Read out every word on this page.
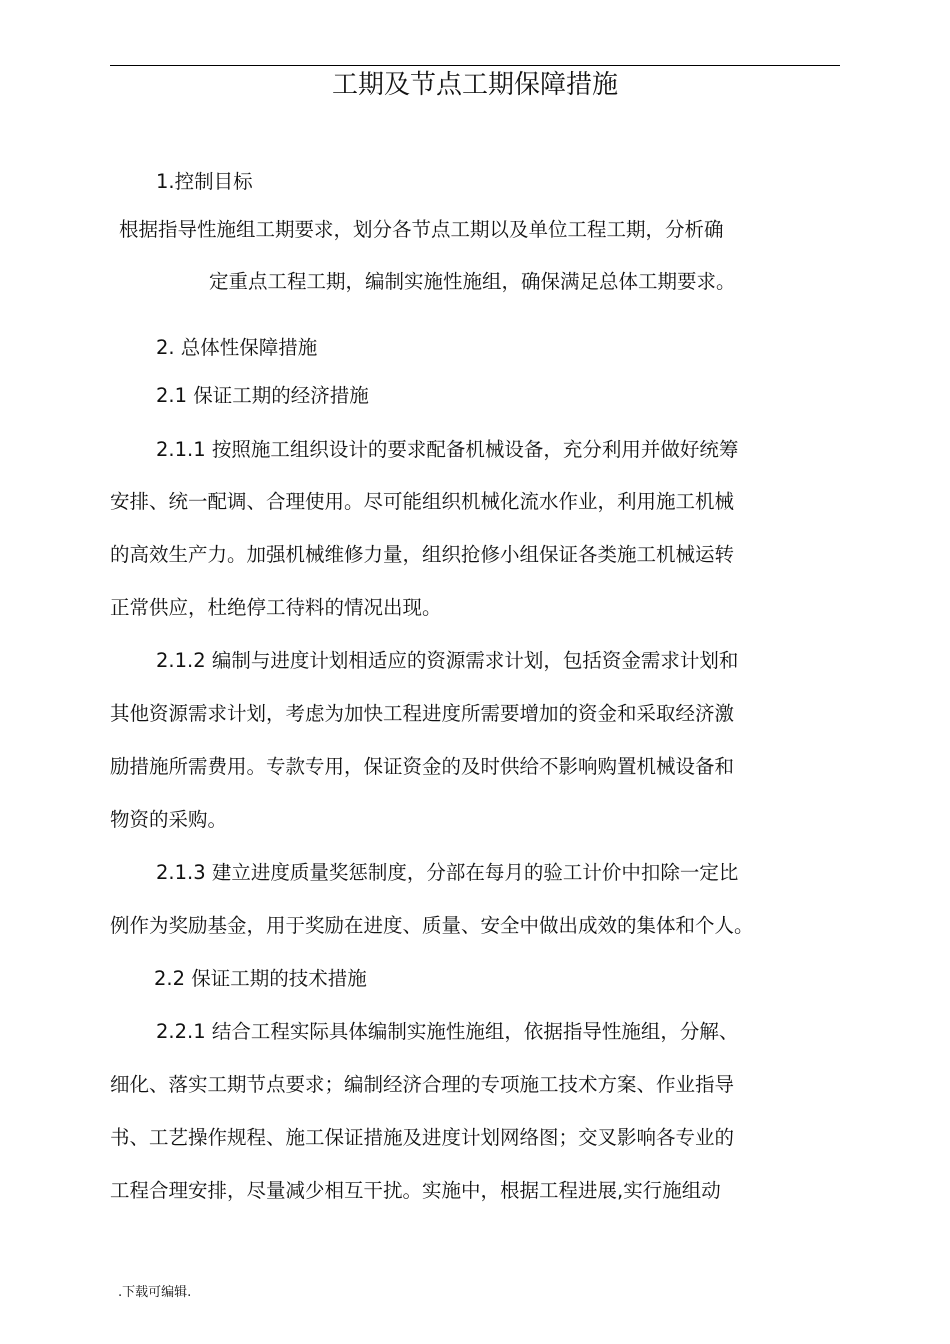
工期及节点工期保障措施
1.控制目标
根据指导性施组工期要求，划分各节点工期以及单位工程工期，分析确
定重点工程工期，编制实施性施组，确保满足总体工期要求。
2. 总体性保障措施
2.1 保证工期的经济措施
2.1.1 按照施工组织设计的要求配备机械设备，充分利用并做好统筹
安排、统一配调、合理使用。尽可能组织机械化流水作业，利用施工机械
的高效生产力。加强机械维修力量，组织抢修小组保证各类施工机械运转
正常供应，杜绝停工待料的情况出现。
2.1.2 编制与进度计划相适应的资源需求计划，包括资金需求计划和
其他资源需求计划，考虑为加快工程进度所需要增加的资金和采取经济激
励措施所需费用。专款专用，保证资金的及时供给不影响购置机械设备和
物资的采购。
2.1.3 建立进度质量奖惩制度，分部在每月的验工计价中扣除一定比
例作为奖励基金，用于奖励在进度、质量、安全中做出成效的集体和个人。
2.2 保证工期的技术措施
2.2.1 结合工程实际具体编制实施性施组，依据指导性施组，分解、
细化、落实工期节点要求；编制经济合理的专项施工技术方案、作业指导
书、工艺操作规程、施工保证措施及进度计划网络图；交叉影响各专业的
工程合理安排，尽量减少相互干扰。实施中，根据工程进展,实行施组动
.下载可编辑.
